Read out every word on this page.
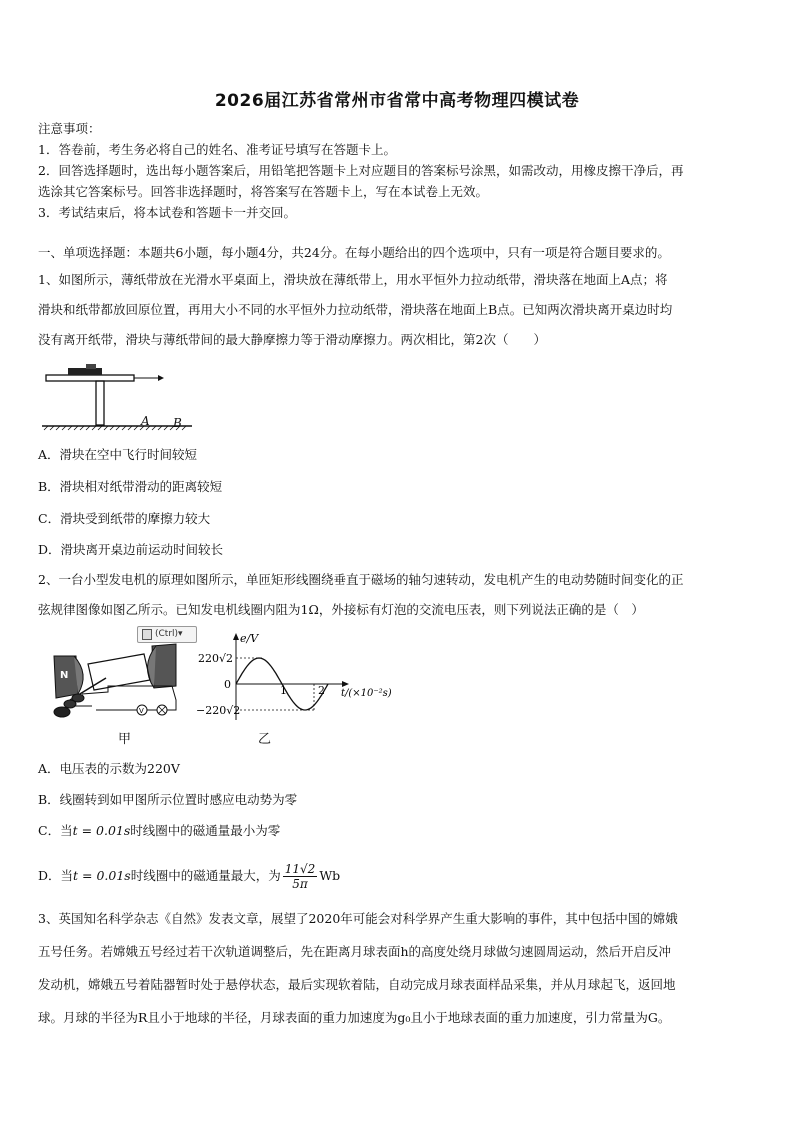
2026届江苏省常州市省常中高考物理四模试卷
注意事项：
1．答卷前，考生务必将自己的姓名、准考证号填写在答题卡上。
2．回答选择题时，选出每小题答案后，用铅笔把答题卡上对应题目的答案标号涂黑，如需改动，用橡皮擦干净后，再
选涂其它答案标号。回答非选择题时，将答案写在答题卡上，写在本试卷上无效。
3．考试结束后，将本试卷和答题卡一并交回。
一、单项选择题：本题共6小题，每小题4分，共24分。在每小题给出的四个选项中，只有一项是符合题目要求的。
1、如图所示，薄纸带放在光滑水平桌面上，滑块放在薄纸带上，用水平恒外力拉动纸带，滑块落在地面上A点；将
滑块和纸带都放回原位置，再用大小不同的水平恒外力拉动纸带，滑块落在地面上B点。已知两次滑块离开桌边时均
没有离开纸带，滑块与薄纸带间的最大静摩擦力等于滑动摩擦力。两次相比，第2次（　　）
A B
A．滑块在空中飞行时间较短
B．滑块相对纸带滑动的距离较短
C．滑块受到纸带的摩擦力较大
D．滑块离开桌边前运动时间较长
2、一台小型发电机的原理如图所示，单匝矩形线圈绕垂直于磁场的轴匀速转动，发电机产生的电动势随时间变化的正
弦规律图像如图乙所示。已知发电机线圈内阻为1Ω，外接标有灯泡的交流电压表，则下列说法正确的是（　）
V
N
(Ctrl)▾	e/V
220√2
0
−220√2
1	2 t/(×10⁻²s)
甲	乙
A．电压表的示数为220V
B．线圈转到如甲图所示位置时感应电动势为零
C．当t = 0.01s时线圈中的磁通量最小为零
D．当t = 0.01s时线圈中的磁通量最大，为 $\frac{11√2}{5\pi}$ Wb
3、英国知名科学杂志《自然》发表文章，展望了2020年可能会对科学界产生重大影响的事件，其中包括中国的嫦娥
五号任务。若嫦娥五号经过若干次轨道调整后，先在距离月球表面h的高度处绕月球做匀速圆周运动，然后开启反冲
发动机，嫦娥五号着陆器暂时处于悬停状态，最后实现软着陆，自动完成月球表面样品采集，并从月球起飞，返回地
球。月球的半径为R且小于地球的半径，月球表面的重力加速度为g₀且小于地球表面的重力加速度，引力常量为G。
